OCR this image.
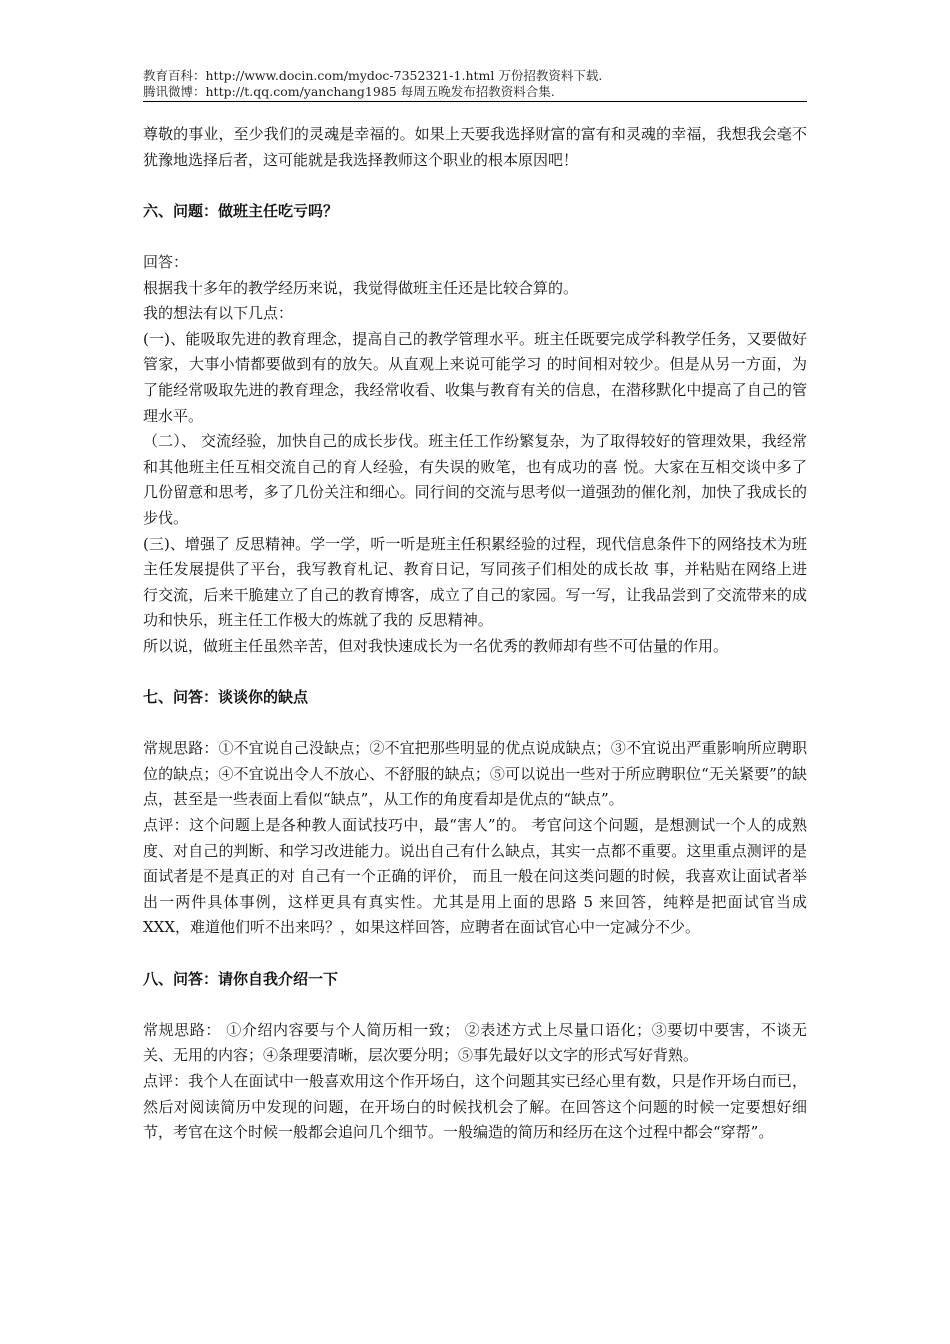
教育百科：http://www.docin.com/mydoc-7352321-1.html 万份招教资料下载.
腾讯微博：http://t.qq.com/yanchang1985 每周五晚发布招教资料合集.

尊敬的事业，至少我们的灵魂是幸福的。如果上天要我选择财富的富有和灵魂的幸福，我想我会毫不犹豫地选择后者，这可能就是我选择教师这个职业的根本原因吧！

六、问题：做班主任吃亏吗？

回答：

根据我十多年的教学经历来说，我觉得做班主任还是比较合算的。

我的想法有以下几点：

(一)、能吸取先进的教育理念，提高自己的教学管理水平。班主任既要完成学科教学任务，又要做好管家，大事小情都要做到有的放矢。从直观上来说可能学习 的时间相对较少。但是从另一方面，为了能经常吸取先进的教育理念，我经常收看、收集与教育有关的信息，在潜移默化中提高了自己的管理水平。

（二）、 交流经验，加快自己的成长步伐。班主任工作纷繁复杂，为了取得较好的管理效果，我经常和其他班主任互相交流自己的育人经验，有失误的败笔，也有成功的喜 悦。大家在互相交谈中多了几份留意和思考，多了几份关注和细心。同行间的交流与思考似一道强劲的催化剂，加快了我成长的步伐。

(三)、增强了 反思精神。学一学，听一听是班主任积累经验的过程，现代信息条件下的网络技术为班主任发展提供了平台，我写教育札记、教育日记，写同孩子们相处的成长故 事，并粘贴在网络上进行交流，后来干脆建立了自己的教育博客，成立了自己的家园。写一写，让我品尝到了交流带来的成功和快乐，班主任工作极大的炼就了我的 反思精神。

所以说，做班主任虽然辛苦，但对我快速成长为一名优秀的教师却有些不可估量的作用。

七、问答：谈谈你的缺点

常规思路：①不宜说自己没缺点；②不宜把那些明显的优点说成缺点；③不宜说出严重影响所应聘职位的缺点；④不宜说出令人不放心、不舒服的缺点；⑤可以说出一些对于所应聘职位“无关紧要”的缺点，甚至是一些表面上看似“缺点”，从工作的角度看却是优点的“缺点”。

点评：这个问题上是各种教人面试技巧中，最“害人”的。 考官问这个问题，是想测试一个人的成熟度、对自己的判断、和学习改进能力。说出自己有什么缺点，其实一点都不重要。这里重点测评的是面试者是不是真正的对 自己有一个正确的评价， 而且一般在问这类问题的时候，我喜欢让面试者举出一两件具体事例，这样更具有真实性。尤其是用上面的思路 5 来回答，纯粹是把面试官当成 XXX，难道他们听不出来吗？，如果这样回答，应聘者在面试官心中一定减分不少。

八、问答：请你自我介绍一下

常规思路： ①介绍内容要与个人简历相一致； ②表述方式上尽量口语化；③要切中要害，不谈无关、无用的内容；④条理要清晰，层次要分明；⑤事先最好以文字的形式写好背熟。

点评：我个人在面试中一般喜欢用这个作开场白，这个问题其实已经心里有数，只是作开场白而已，然后对阅读简历中发现的问题，在开场白的时候找机会了解。在回答这个问题的时候一定要想好细节，考官在这个时候一般都会追问几个细节。一般编造的简历和经历在这个过程中都会“穿帮”。
